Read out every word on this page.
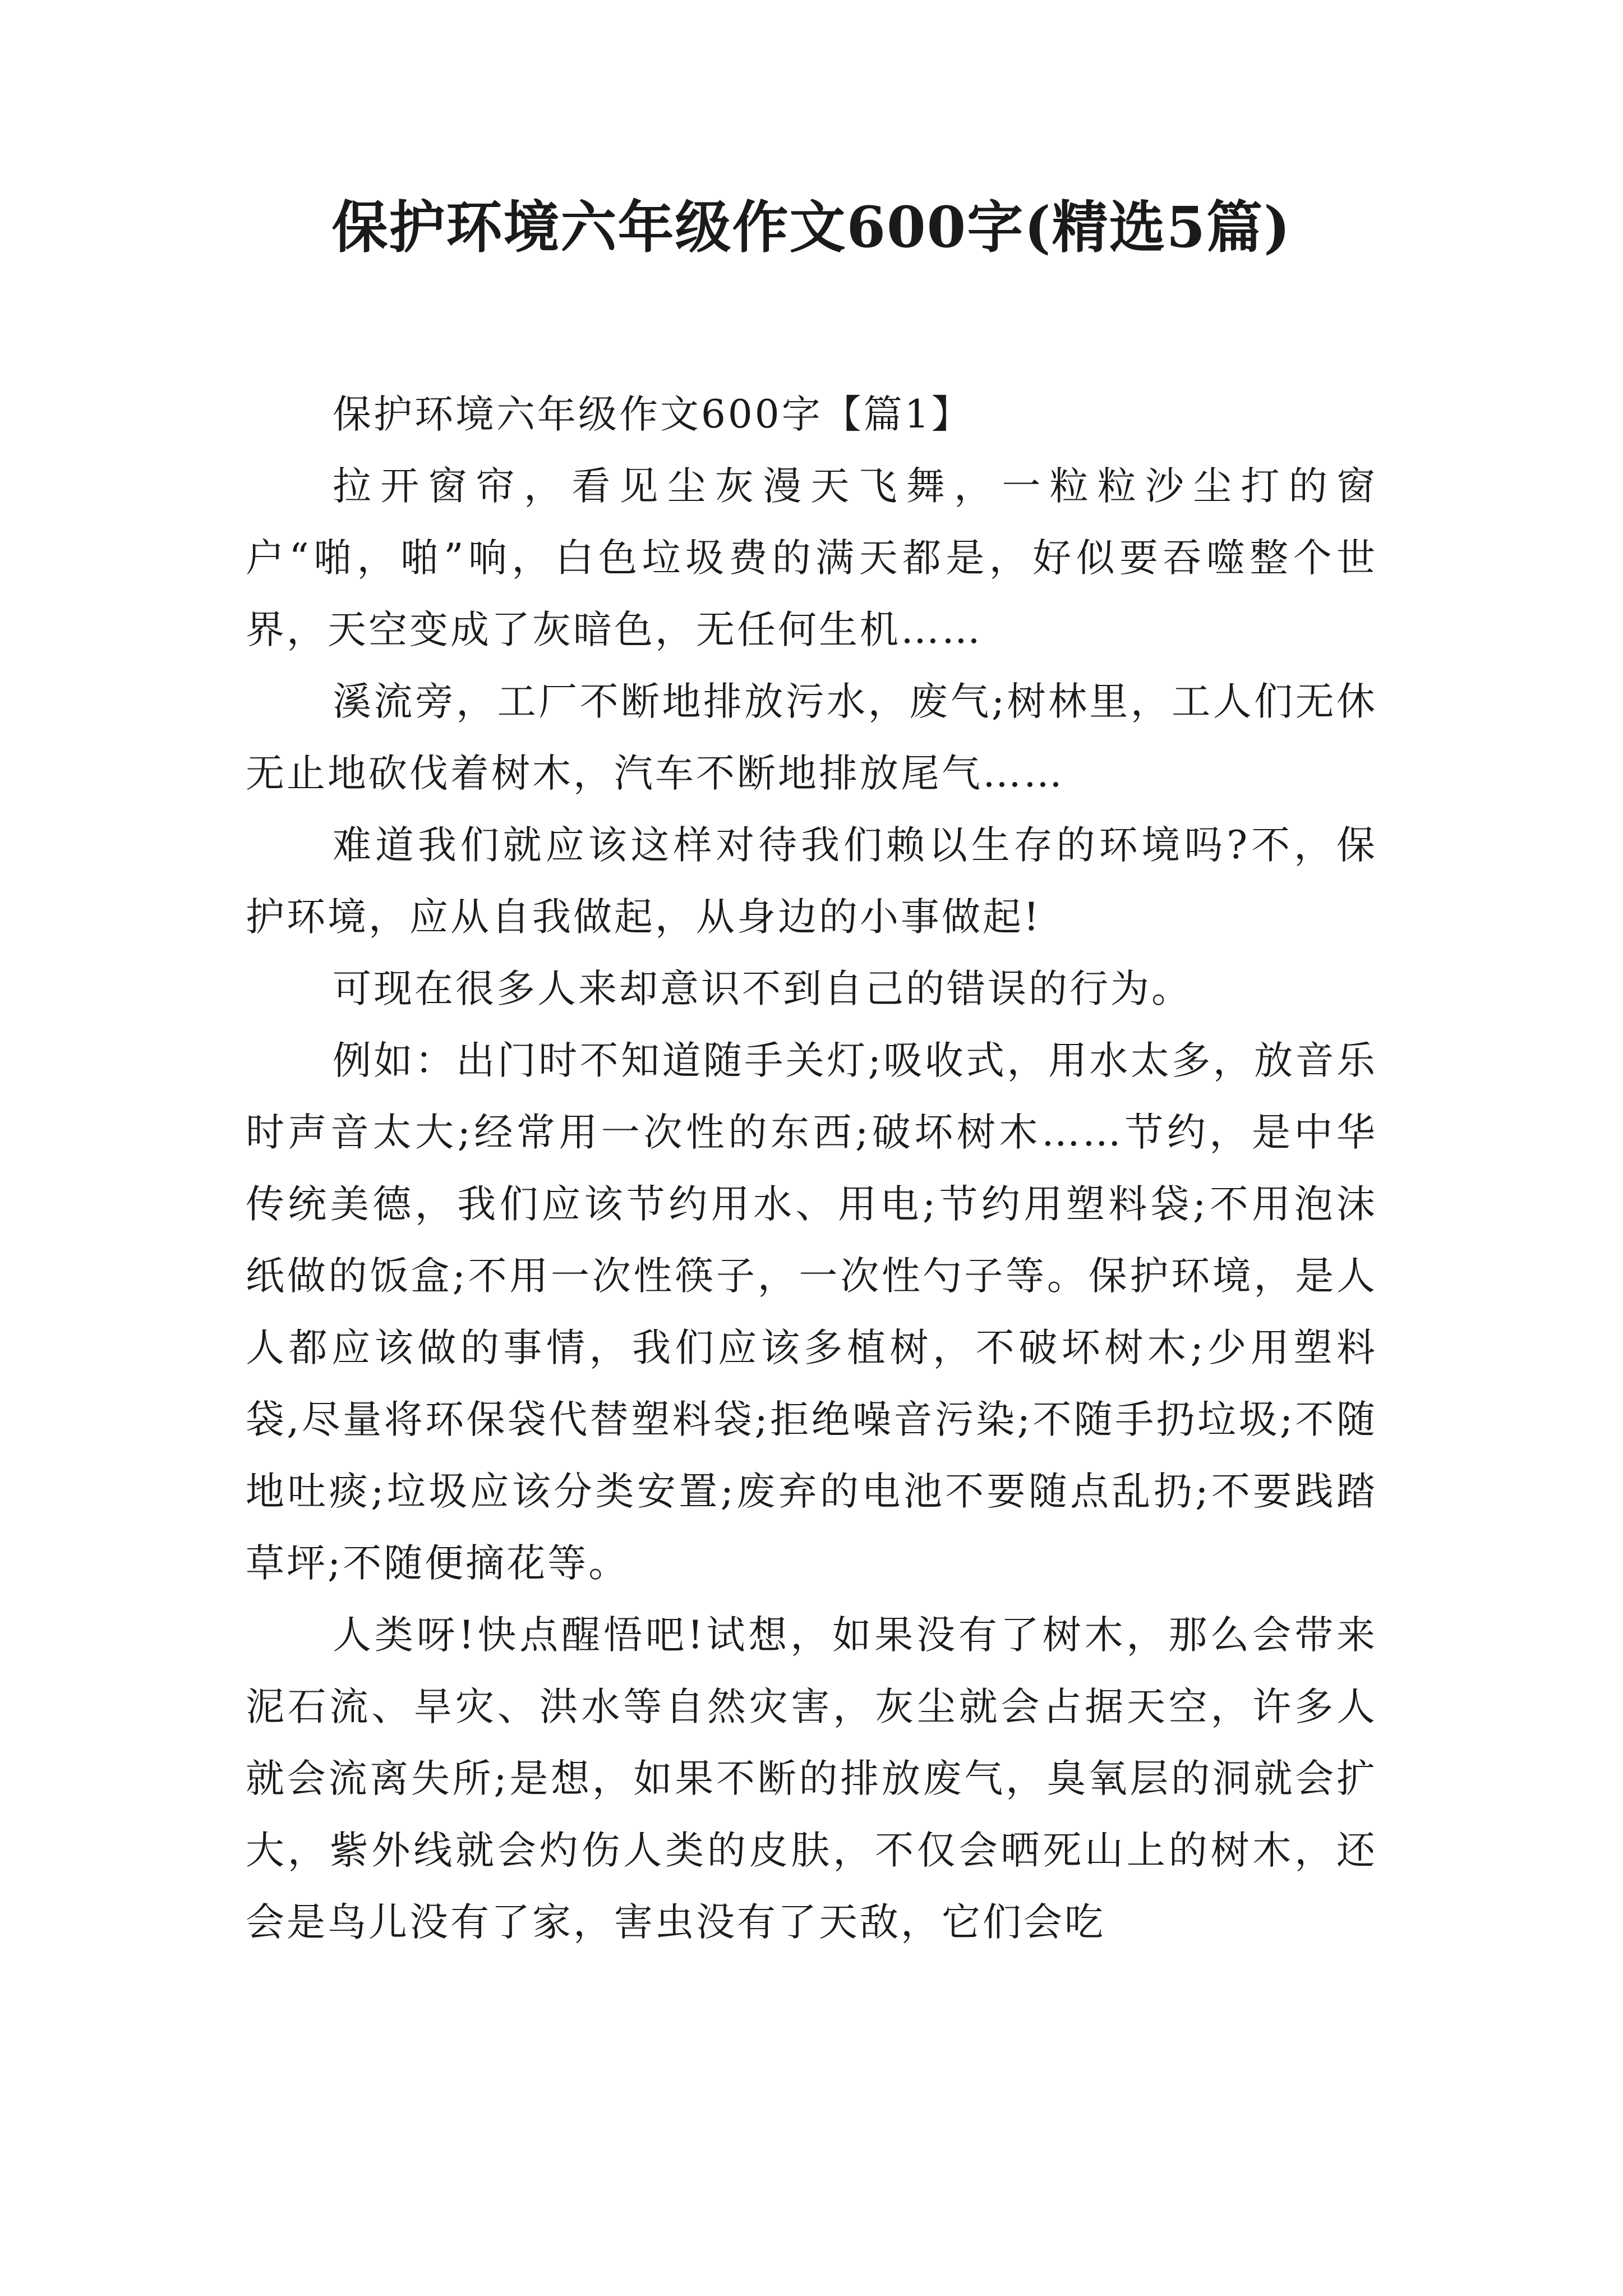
保护环境六年级作文600字(精选5篇)
保护环境六年级作文600字【篇1】

拉开窗帘，看见尘灰漫天飞舞，一粒粒沙尘打的窗户“啪，啪”响，白色垃圾费的满天都是，好似要吞噬整个世界，天空变成了灰暗色，无任何生机……

溪流旁，工厂不断地排放污水，废气;树林里，工人们无休无止地砍伐着树木，汽车不断地排放尾气……

难道我们就应该这样对待我们赖以生存的环境吗?不，保护环境，应从自我做起，从身边的小事做起!

可现在很多人来却意识不到自己的错误的行为。

例如：出门时不知道随手关灯;吸收式，用水太多，放音乐时声音太大;经常用一次性的东西;破坏树木……节约，是中华传统美德，我们应该节约用水、用电;节约用塑料袋;不用泡沫纸做的饭盒;不用一次性筷子，一次性勺子等。保护环境，是人人都应该做的事情，我们应该多植树，不破坏树木;少用塑料袋,尽量将环保袋代替塑料袋;拒绝噪音污染;不随手扔垃圾;不随地吐痰;垃圾应该分类安置;废弃的电池不要随点乱扔;不要践踏草坪;不随便摘花等。

人类呀!快点醒悟吧!试想，如果没有了树木，那么会带来泥石流、旱灾、洪水等自然灾害，灰尘就会占据天空，许多人就会流离失所;是想，如果不断的排放废气，臭氧层的洞就会扩大，紫外线就会灼伤人类的皮肤，不仅会晒死山上的树木，还会是鸟儿没有了家，害虫没有了天敌，它们会吃
